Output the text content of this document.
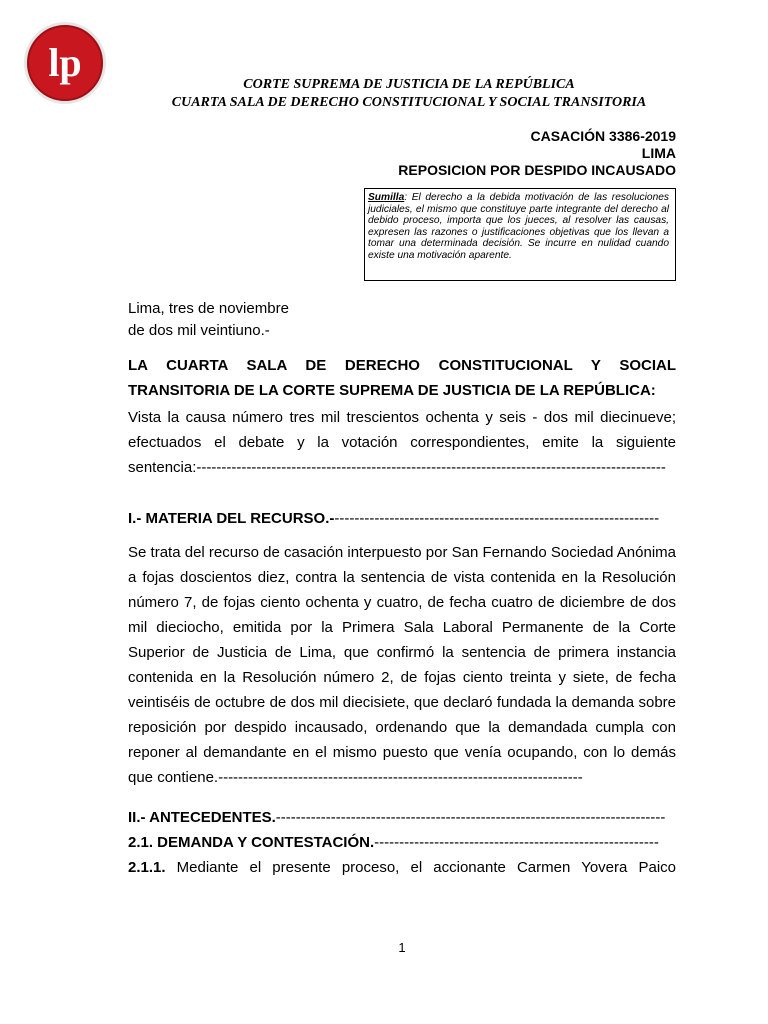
lp	CORTE SUPREMA DE JUSTICIA DE LA REPÚBLICA
CUARTA SALA DE DERECHO CONSTITUCIONAL Y SOCIAL TRANSITORIA
CASACIÓN 3386-2019
LIMA
REPOSICION POR DESPIDO INCAUSADO
Sumilla: El derecho a la debida motivación de las resoluciones judiciales, el mismo que constituye parte integrante del derecho al debido proceso, importa que los jueces, al resolver las causas, expresen las razones o justificaciones objetivas que los llevan a tomar una determinada decisión. Se incurre en nulidad cuando existe una motivación aparente.
Lima, tres de noviembre
de dos mil veintiuno.-

LA CUARTA SALA DE DERECHO CONSTITUCIONAL Y SOCIAL TRANSITORIA DE LA CORTE SUPREMA DE JUSTICIA DE LA REPÚBLICA:

Vista la causa número tres mil trescientos ochenta y seis - dos mil diecinueve; efectuados el debate y la votación correspondientes, emite la siguiente sentencia:----------------------------------------------------------------------------------------------

I.- MATERIA DEL RECURSO.------------------------------------------------------------------

Se trata del recurso de casación interpuesto por San Fernando Sociedad Anónima a fojas doscientos diez, contra la sentencia de vista contenida en la Resolución número 7, de fojas ciento ochenta y cuatro, de fecha cuatro de diciembre de dos mil dieciocho, emitida por la Primera Sala Laboral Permanente de la Corte Superior de Justicia de Lima, que confirmó la sentencia de primera instancia contenida en la Resolución número 2, de fojas ciento treinta y siete, de fecha veintiséis de octubre de dos mil diecisiete, que declaró fundada la demanda sobre reposición por despido incausado, ordenando que la demandada cumpla con reponer al demandante en el mismo puesto que venía ocupando, con lo demás que contiene.-------------------------------------------------------------------------

II.- ANTECEDENTES.------------------------------------------------------------------------------
2.1. DEMANDA Y CONTESTACIÓN.---------------------------------------------------------

2.1.1. Mediante el presente proceso, el accionante Carmen Yovera Paico

1
